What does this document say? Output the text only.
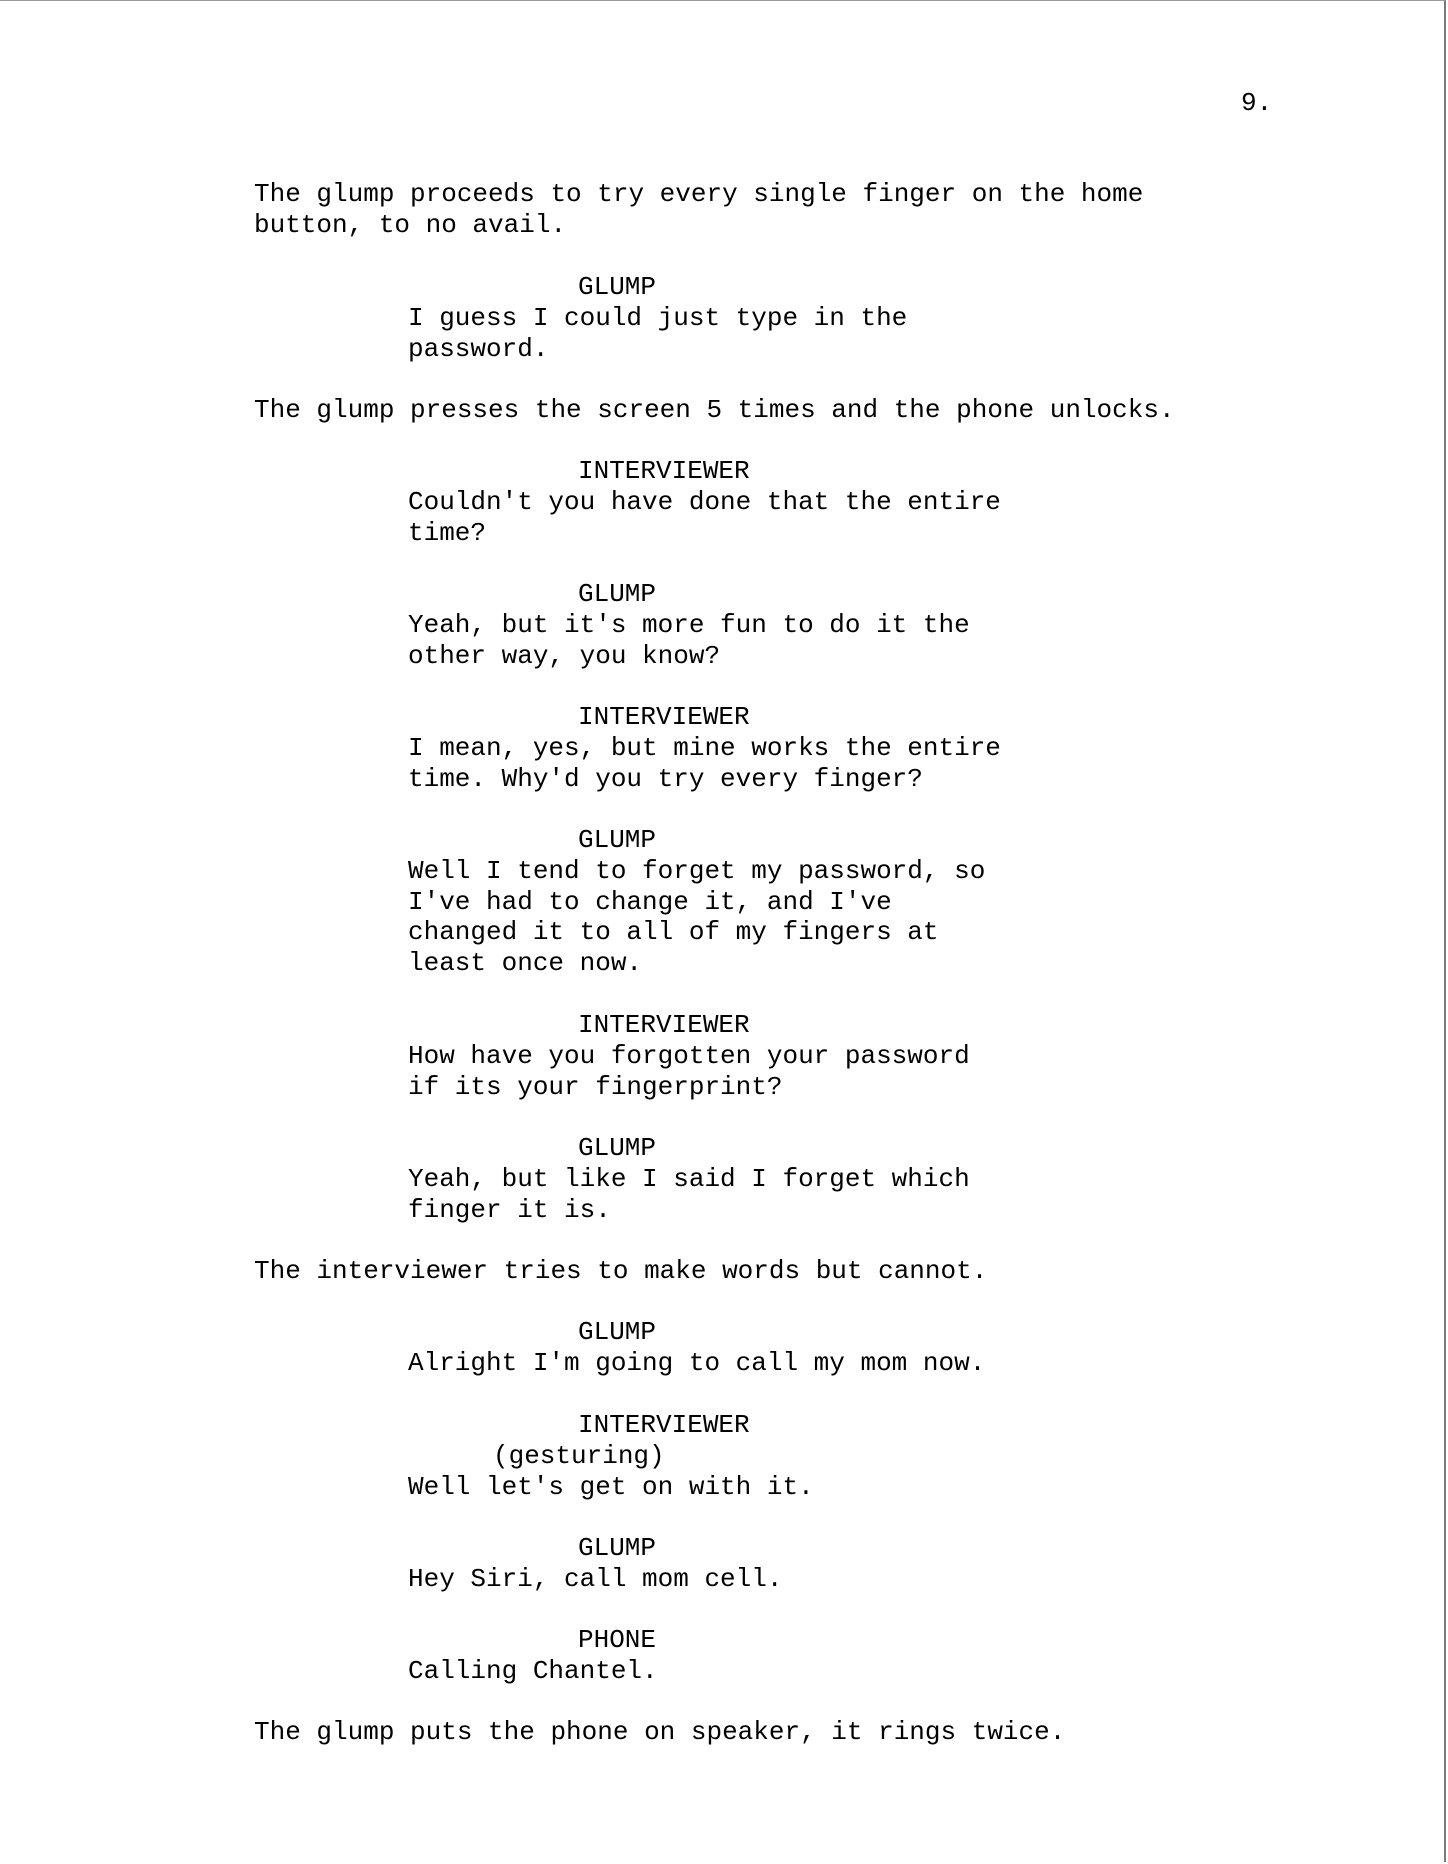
9.
The glump proceeds to try every single finger on the home
button, to no avail.
GLUMP
I guess I could just type in the
password.
The glump presses the screen 5 times and the phone unlocks.
INTERVIEWER
Couldn't you have done that the entire
time?
GLUMP
Yeah, but it's more fun to do it the
other way, you know?
INTERVIEWER
I mean, yes, but mine works the entire
time. Why'd you try every finger?
GLUMP
Well I tend to forget my password, so
I've had to change it, and I've
changed it to all of my fingers at
least once now.
INTERVIEWER
How have you forgotten your password
if its your fingerprint?
GLUMP
Yeah, but like I said I forget which
finger it is.
The interviewer tries to make words but cannot.
GLUMP
Alright I'm going to call my mom now.
INTERVIEWER
(gesturing)
Well let's get on with it.
GLUMP
Hey Siri, call mom cell.
PHONE
Calling Chantel.
The glump puts the phone on speaker, it rings twice.
